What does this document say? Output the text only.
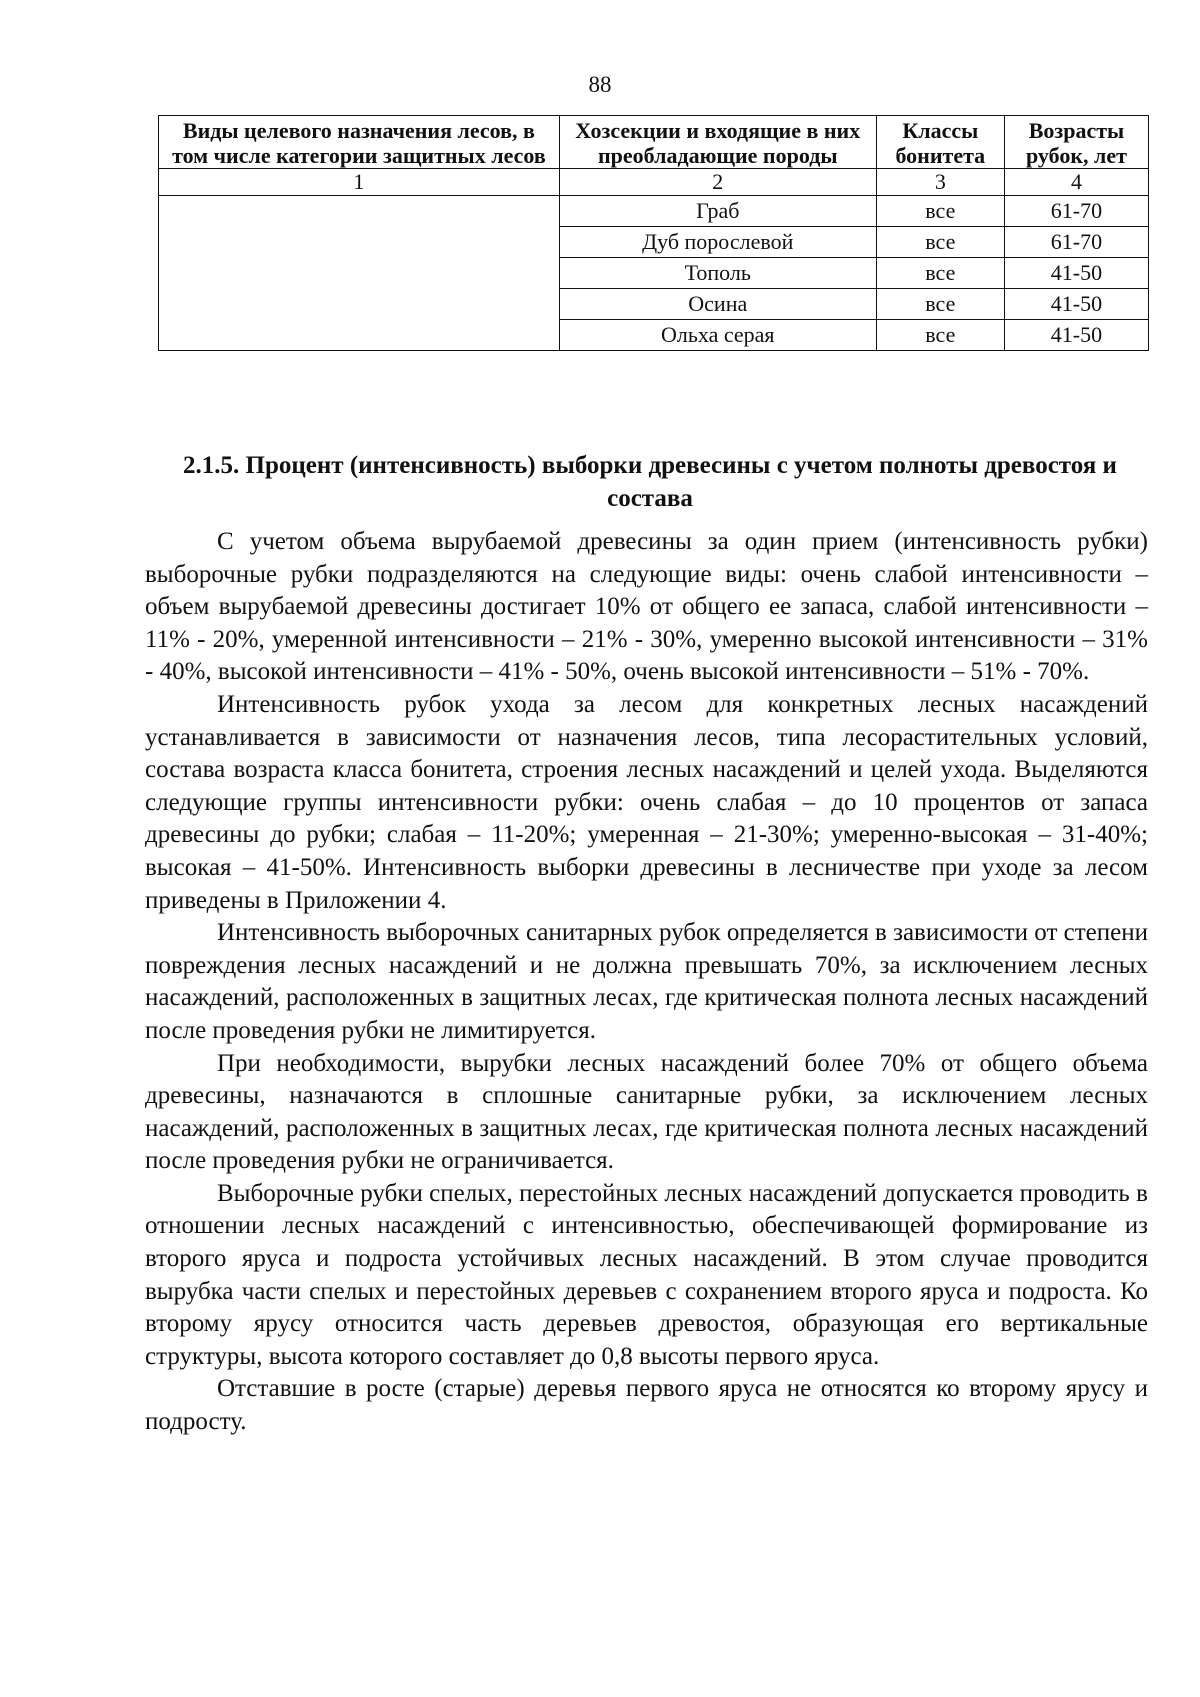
88
Виды целевого назначения лесов, в том числе категории защитных лесов	Хозсекции и входящие в них преобладающие породы	Классы бонитета	Возрасты рубок, лет
1	2	3	4
	Граб	все	61-70
	Дуб порослевой	все	61-70
	Тополь	все	41-50
	Осина	все	41-50
	Ольха серая	все	41-50
2.1.5. Процент (интенсивность) выборки древесины с учетом полноты древостоя и состава

С учетом объема вырубаемой древесины за один прием (интенсивность рубки) выборочные рубки подразделяются на следующие виды: очень слабой интенсивности – объем вырубаемой древесины достигает 10% от общего ее запаса, слабой интенсивности – 11% - 20%, умеренной интенсивности – 21% - 30%, умеренно высокой интенсивности – 31% - 40%, высокой интенсивности – 41% - 50%, очень высокой интенсивности – 51% - 70%.

Интенсивность рубок ухода за лесом для конкретных лесных насаждений устанавливается в зависимости от назначения лесов, типа лесорастительных условий, состава возраста класса бонитета, строения лесных насаждений и целей ухода. Выделяются следующие группы интенсивности рубки: очень слабая – до 10 процентов от запаса древесины до рубки; слабая – 11-20%; умеренная – 21-30%; умеренно-высокая – 31-40%; высокая – 41-50%. Интенсивность выборки древесины в лесничестве при уходе за лесом приведены в Приложении 4.

Интенсивность выборочных санитарных рубок определяется в зависимости от степени повреждения лесных насаждений и не должна превышать 70%, за исключением лесных насаждений, расположенных в защитных лесах, где критическая полнота лесных насаждений после проведения рубки не лимитируется.

При необходимости, вырубки лесных насаждений более 70% от общего объема древесины, назначаются в сплошные санитарные рубки, за исключением лесных насаждений, расположенных в защитных лесах, где критическая полнота лесных насаждений после проведения рубки не ограничивается.

Выборочные рубки спелых, перестойных лесных насаждений допускается проводить в отношении лесных насаждений с интенсивностью, обеспечивающей формирование из второго яруса и подроста устойчивых лесных насаждений. В этом случае проводится вырубка части спелых и перестойных деревьев с сохранением второго яруса и подроста. Ко второму ярусу относится часть деревьев древостоя, образующая его вертикальные структуры, высота которого составляет до 0,8 высоты первого яруса.

Отставшие в росте (старые) деревья первого яруса не относятся ко второму ярусу и подросту.
